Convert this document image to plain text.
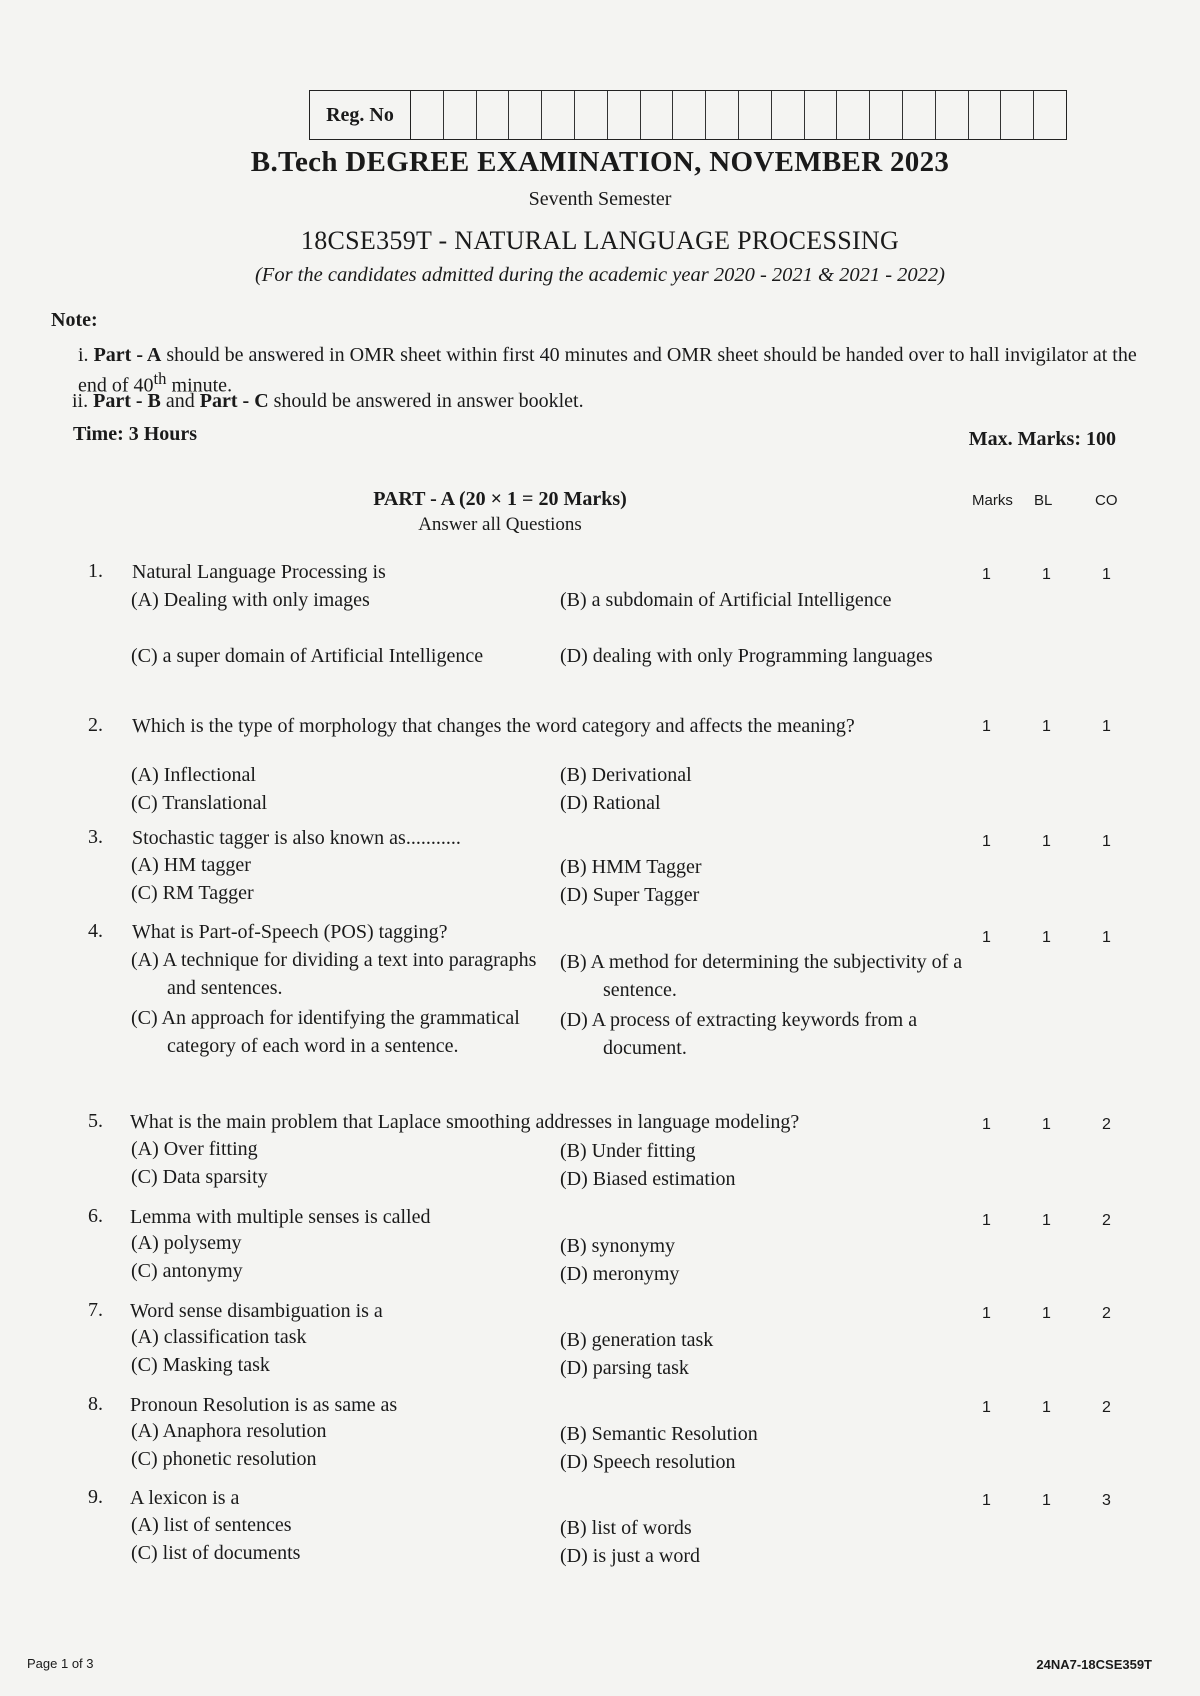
Reg. No
B.Tech DEGREE EXAMINATION, NOVEMBER 2023
Seventh Semester
18CSE359T - NATURAL LANGUAGE PROCESSING
(For the candidates admitted during the academic year 2020 - 2021 & 2021 - 2022)
Note:
i. Part - A should be answered in OMR sheet within first 40 minutes and OMR sheet should be handed over to hall invigilator at the end of 40th minute.
ii. Part - B and Part - C should be answered in answer booklet.
Time: 3 Hours	Max. Marks: 100
PART - A (20 × 1 = 20 Marks)
Answer all Questions
Marks BL	CO
1. Natural Language Processing is
(A) Dealing with only images	(B) a subdomain of Artificial Intelligence
(C) a super domain of Artificial Intelligence	(D) dealing with only Programming languages
1	1	1
2. Which is the type of morphology that changes the word category and affects the meaning?
(A) Inflectional	(B) Derivational
(C) Translational	(D) Rational
1	1	1
3. Stochastic tagger is also known as...........
(A) HM tagger	(B) HMM Tagger
(C) RM Tagger	(D) Super Tagger
1	1	1
4. What is Part-of-Speech (POS) tagging?
(A) A technique for dividing a text into paragraphs and sentences.
(B) A method for determining the subjectivity of a sentence.
(C) An approach for identifying the grammatical category of each word in a sentence.
(D) A process of extracting keywords from a document.
1	1	1
5. What is the main problem that Laplace smoothing addresses in language modeling?
(A) Over fitting	(B) Under fitting
(C) Data sparsity	(D) Biased estimation
1	1	2
6. Lemma with multiple senses is called
(A) polysemy	(B) synonymy
(C) antonymy	(D) meronymy
1	1	2
7. Word sense disambiguation is a
(A) classification task	(B) generation task
(C) Masking task	(D) parsing task
1	1	2
8. Pronoun Resolution is as same as
(A) Anaphora resolution	(B) Semantic Resolution
(C) phonetic resolution	(D) Speech resolution
1	1	2
9. A lexicon is a
(A) list of sentences	(B) list of words
(C) list of documents	(D) is just a word
1	1	3
Page 1 of 3	24NA7-18CSE359T
